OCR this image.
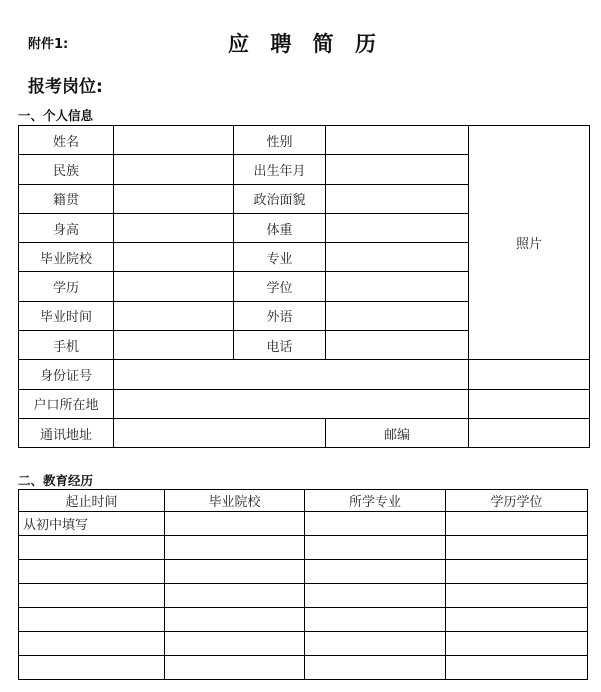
附件1:	应 聘 简 历
报考岗位:
一、个人信息
姓名		性别		照片
民族		出生年月		
籍贯		政治面貌		
身高		体重		
毕业院校		专业		
学历		学位		
毕业时间		外语		
手机		电话		
身份证号				
户口所在地				
通讯地址			邮编	
二、教育经历
起止时间	毕业院校	所学专业	学历学位
从初中填写			
